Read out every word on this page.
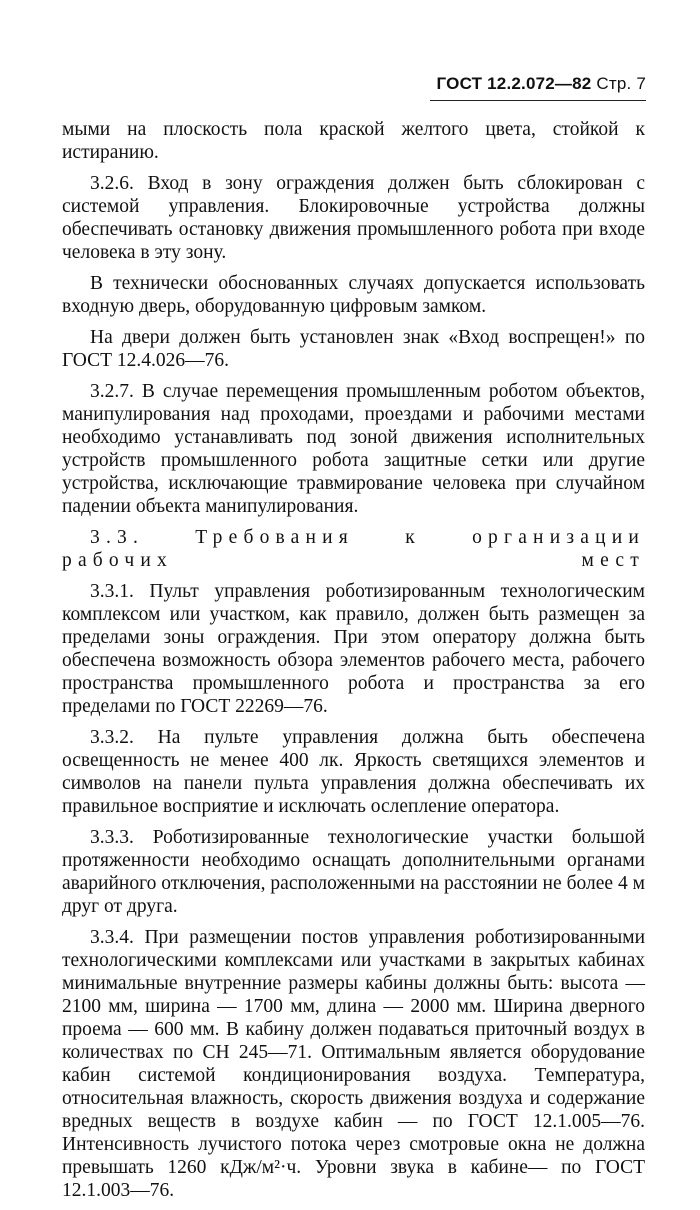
ГОСТ 12.2.072—82 Стр. 7

мыми на плоскость пола краской желтого цвета, стойкой к истиранию.

3.2.6. Вход в зону ограждения должен быть сблокирован с системой управления. Блокировочные устройства должны обеспечивать остановку движения промышленного робота при входе человека в эту зону.

В технически обоснованных случаях допускается использовать входную дверь, оборудованную цифровым замком.

На двери должен быть установлен знак «Вход воспрещен!» по ГОСТ 12.4.026—76.

3.2.7. В случае перемещения промышленным роботом объектов, манипулирования над проходами, проездами и рабочими местами необходимо устанавливать под зоной движения исполнительных устройств промышленного робота защитные сетки или другие устройства, исключающие травмирование человека при случайном падении объекта манипулирования.

3.3. Требования к организации рабочих мест

3.3.1. Пульт управления роботизированным технологическим комплексом или участком, как правило, должен быть размещен за пределами зоны ограждения. При этом оператору должна быть обеспечена возможность обзора элементов рабочего места, рабочего пространства промышленного робота и пространства за его пределами по ГОСТ 22269—76.

3.3.2. На пульте управления должна быть обеспечена освещенность не менее 400 лк. Яркость светящихся элементов и символов на панели пульта управления должна обеспечивать их правильное восприятие и исключать ослепление оператора.

3.3.3. Роботизированные технологические участки большой протяженности необходимо оснащать дополнительными органами аварийного отключения, расположенными на расстоянии не более 4 м друг от друга.

3.3.4. При размещении постов управления роботизированными технологическими комплексами или участками в закрытых кабинах минимальные внутренние размеры кабины должны быть: высота — 2100 мм, ширина — 1700 мм, длина — 2000 мм. Ширина дверного проема — 600 мм. В кабину должен подаваться приточный воздух в количествах по СН 245—71. Оптимальным является оборудование кабин системой кондиционирования воздуха. Температура, относительная влажность, скорость движения воздуха и содержание вредных веществ в воздухе кабин — по ГОСТ 12.1.005—76. Интенсивность лучистого потока через смотровые окна не должна превышать 1260 кДж/м²·ч. Уровни звука в кабине— по ГОСТ 12.1.003—76.
